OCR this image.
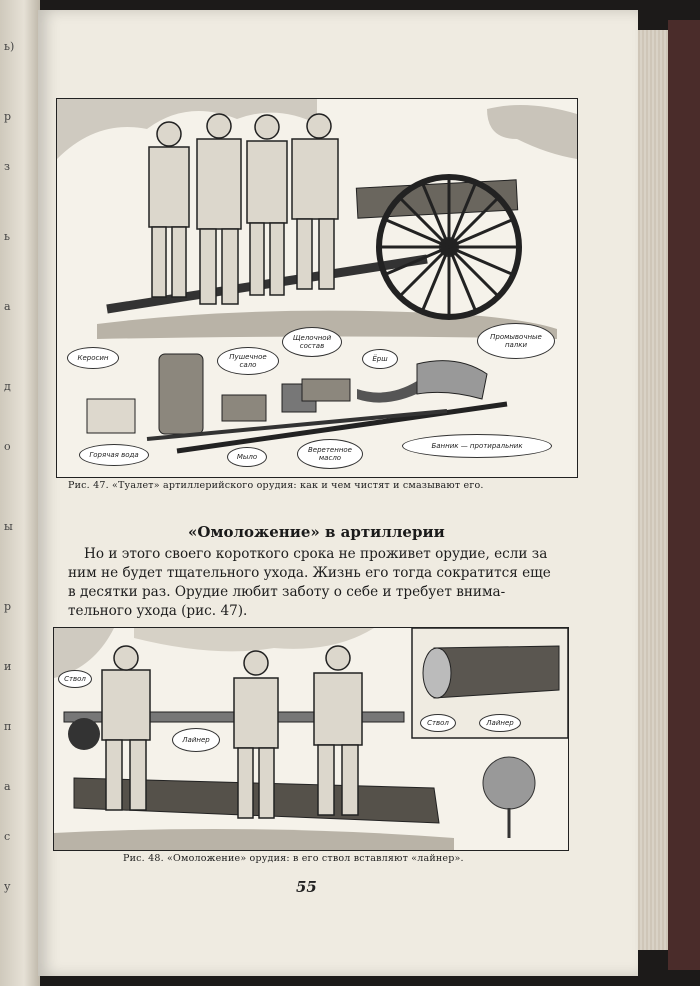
ь)
р
з
ь
а
д
о
ы
р
и
п
а
с
у
Керосин	Пушечное сало
Щелочной состав
Ёрш
Промывочные палки
Горячая вода	Мыло
Веретенное масло
Банник — протиральник
Рис. 47. «Туалет» артиллерийского орудия: как и чем чистят и смазывают его.
«Омоложение» в артиллерии
Но и этого своего короткого срока не проживет орудие, если за
ним не будет тщательного ухода. Жизнь его тогда сократится еще
в десятки раз. Орудие любит заботу о себе и требует внима-
тельного ухода (рис. 47).
Ствол
Лайнер
Ствол	Лайнер
Рис. 48. «Омоложение» орудия: в его ствол вставляют «лайнер».
55
